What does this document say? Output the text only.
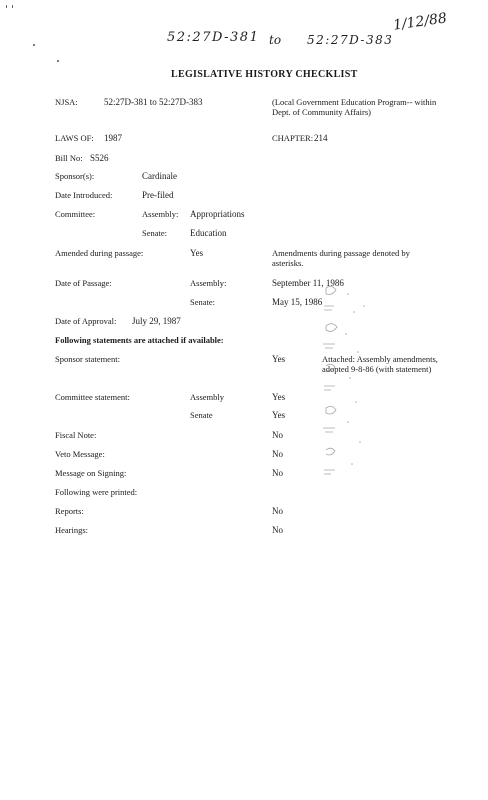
52:27D-381 to 52:27D-383
1/12/88
LEGISLATIVE HISTORY CHECKLIST
NJSA:	52:27D-381 to 52:27D-383	(Local Government Education Program-- within Dept. of Community Affairs)
LAWS OF: 1987	CHAPTER: 214
Bill No: S526
Sponsor(s):	Cardinale
Date Introduced:	Pre-filed
Committee:	Assembly: Appropriations
Senate:	Education
Amended during passage:	Yes	Amendments during passage denoted by asterisks.
Date of Passage:	Assembly:	September 11, 1986
Senate:	May 15, 1986
Date of Approval: July 29, 1987
Following statements are attached if available:
Sponsor statement:	Yes	Attached: Assembly amendments, adopted 9-8-86 (with statement)
Committee statement:	Assembly	Yes
Senate	Yes
Fiscal Note:	No
Veto Message:	No
Message on Signing:	No
Following were printed:
Reports:	No
Hearings:	No
